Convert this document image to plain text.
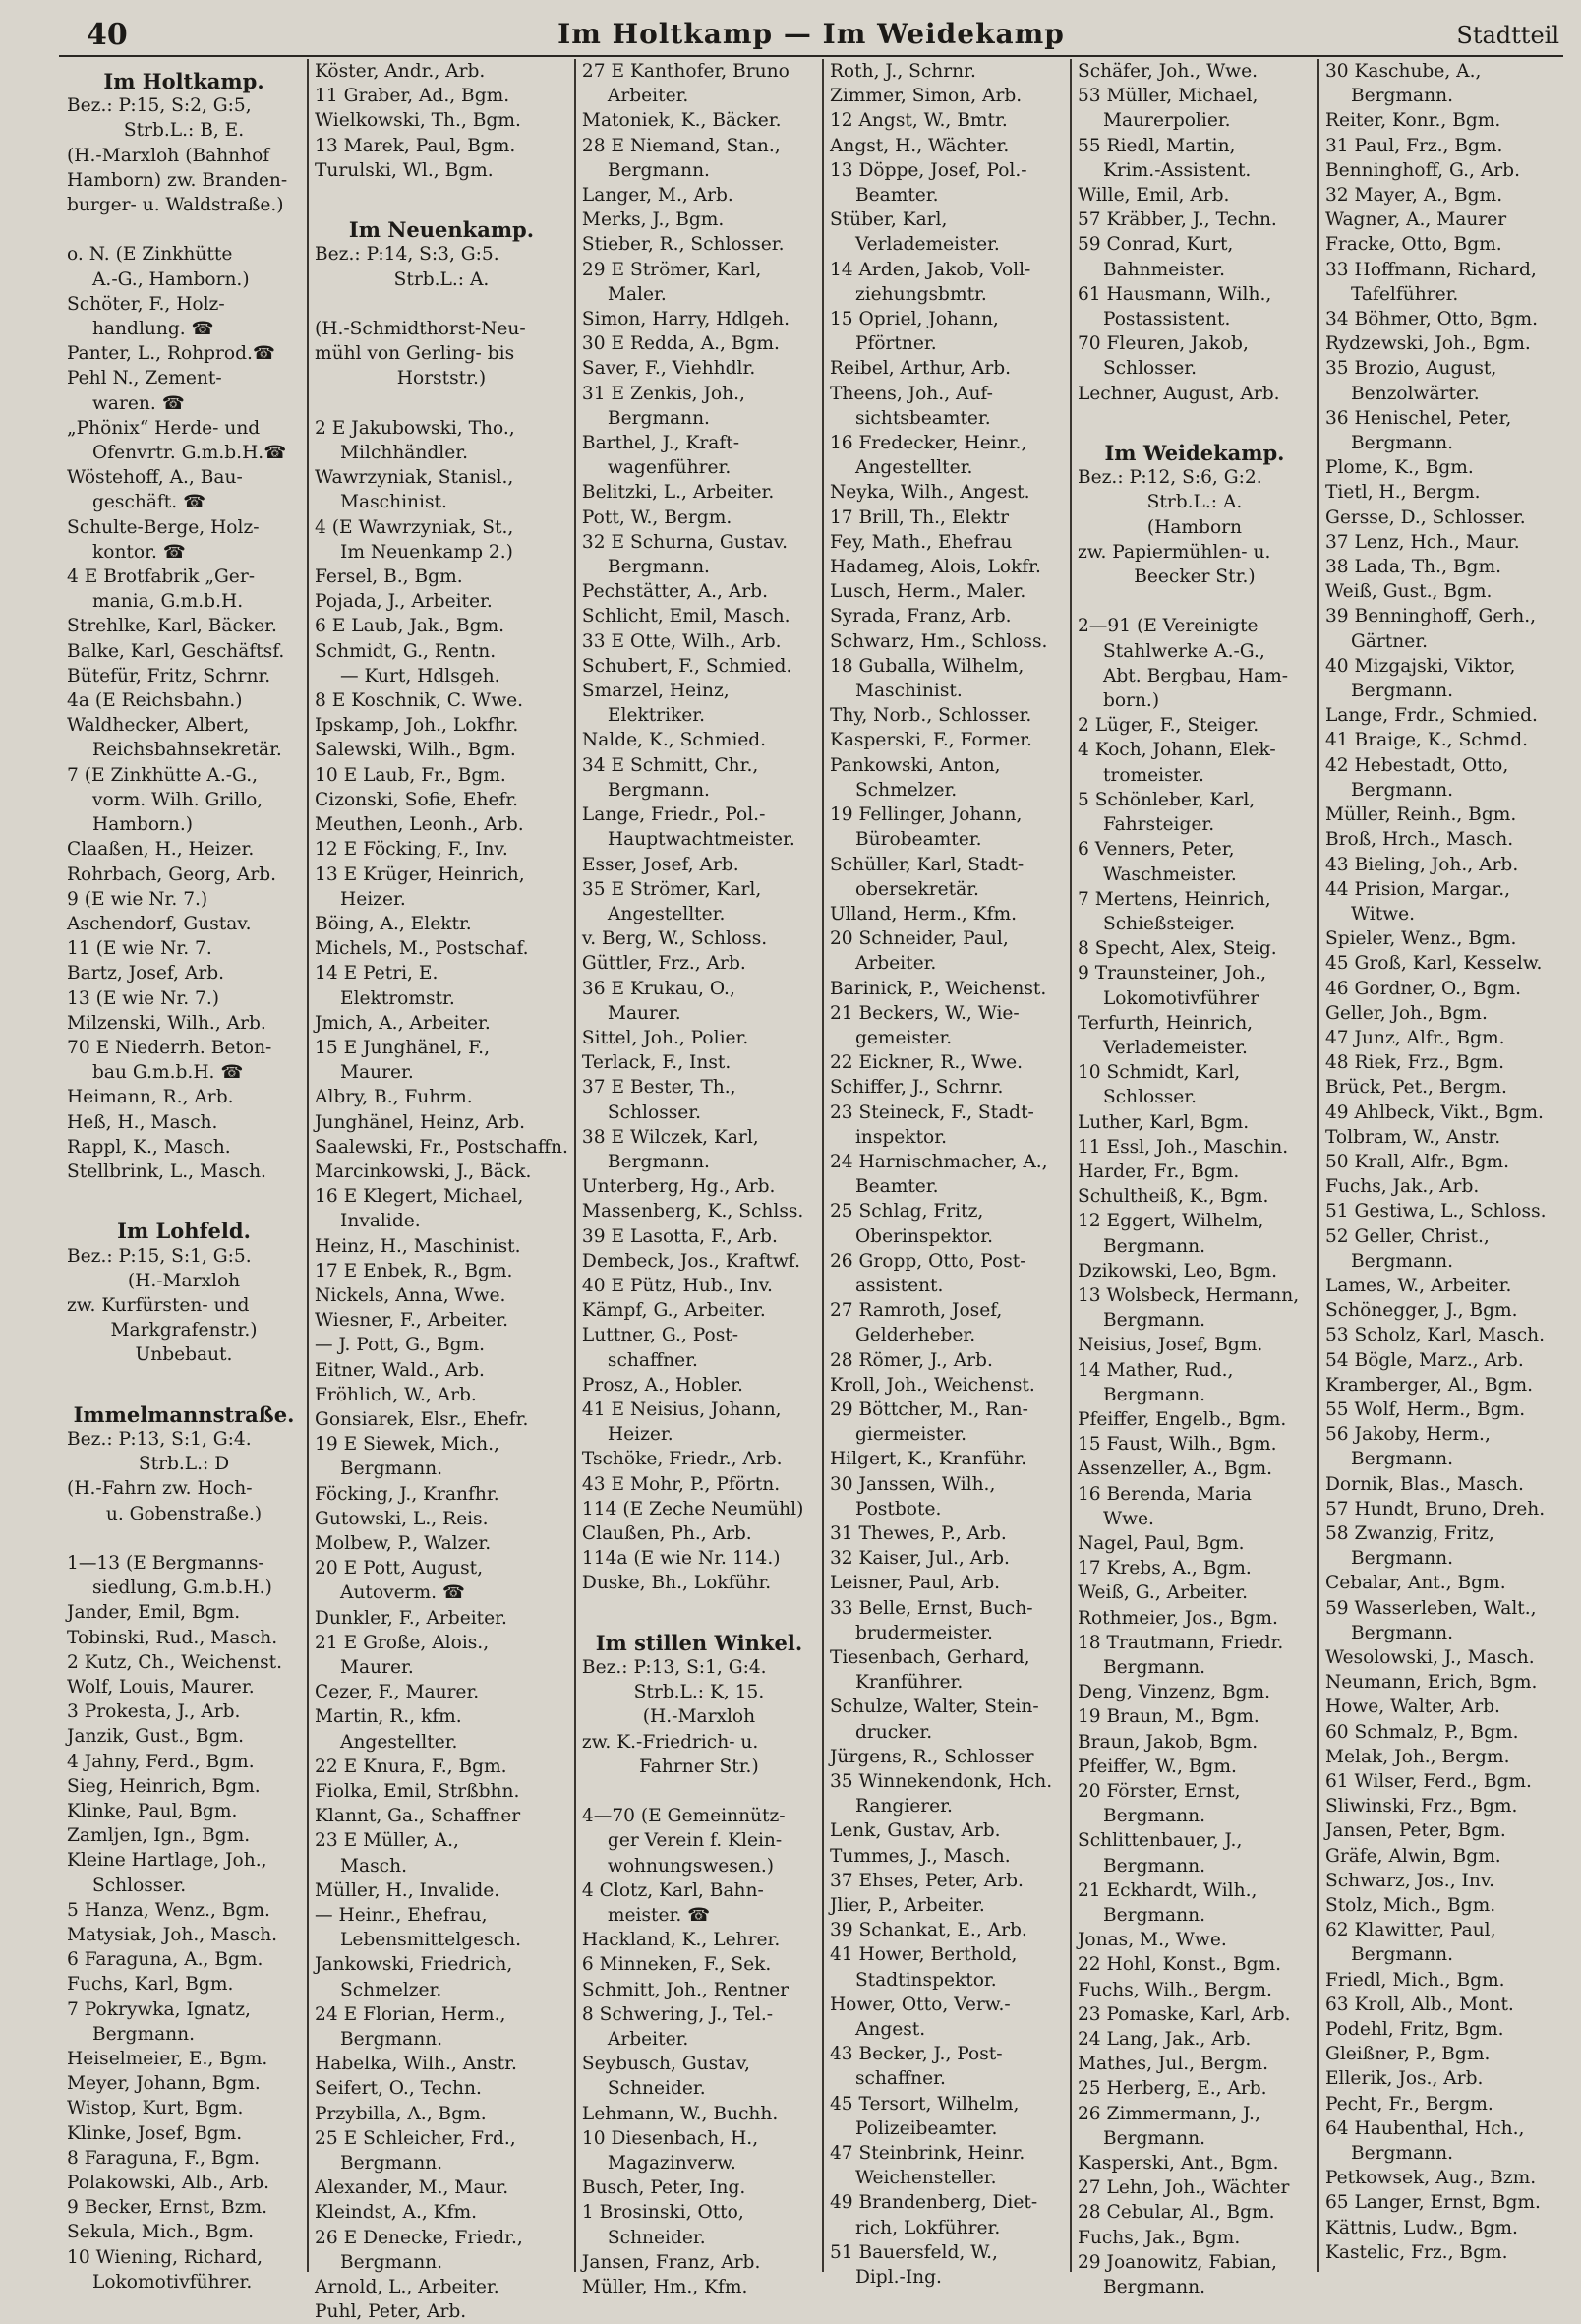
40	Im Holtkamp — Im Weidekamp	Stadtteil
Im Holtkamp.
Bez.: P:15, S:2, G:5,
Strb.L.: B, E.
(H.-Marxloh (Bahnhof
Hamborn) zw. Branden-
burger- u. Waldstraße.)

o. N. (E Zinkhütte
A.-G., Hamborn.)
Schöter, F., Holz-
handlung. ☎
Panter, L., Rohprod.☎
Pehl N., Zement-
waren. ☎
„Phönix“ Herde- und
Ofenvrtr. G.m.b.H.☎
Wöstehoff, A., Bau-
geschäft. ☎
Schulte-Berge, Holz-
kontor. ☎
4 E Brotfabrik „Ger-
mania, G.m.b.H.
Strehlke, Karl, Bäcker.
Balke, Karl, Geschäftsf.
Bütefür, Fritz, Schrnr.
4a (E Reichsbahn.)
Waldhecker, Albert,
Reichsbahnsekretär.
7 (E Zinkhütte A.-G.,
vorm. Wilh. Grillo,
Hamborn.)
Claaßen, H., Heizer.
Rohrbach, Georg, Arb.
9 (E wie Nr. 7.)
Aschendorf, Gustav.
11 (E wie Nr. 7.
Bartz, Josef, Arb.
13 (E wie Nr. 7.)
Milzenski, Wilh., Arb.
70 E Niederrh. Beton-
bau G.m.b.H. ☎
Heimann, R., Arb.
Heß, H., Masch.
Rappl, K., Masch.
Stellbrink, L., Masch.

Im Lohfeld.
Bez.: P:15, S:1, G:5.
(H.-Marxloh
zw. Kurfürsten- und
Markgrafenstr.)
Unbebaut.

Immelmannstraße.
Bez.: P:13, S:1, G:4.
Strb.L.: D
(H.-Fahrn zw. Hoch-
u. Gobenstraße.)

1—13 (E Bergmanns-
siedlung, G.m.b.H.)
Jander, Emil, Bgm.
Tobinski, Rud., Masch.
2 Kutz, Ch., Weichenst.
Wolf, Louis, Maurer.
3 Prokesta, J., Arb.
Janzik, Gust., Bgm.
4 Jahny, Ferd., Bgm.
Sieg, Heinrich, Bgm.
Klinke, Paul, Bgm.
Zamljen, Ign., Bgm.
Kleine Hartlage, Joh.,
Schlosser.
5 Hanza, Wenz., Bgm.
Matysiak, Joh., Masch.
6 Faraguna, A., Bgm.
Fuchs, Karl, Bgm.
7 Pokrywka, Ignatz,
Bergmann.
Heiselmeier, E., Bgm.
Meyer, Johann, Bgm.
Wistop, Kurt, Bgm.
Klinke, Josef, Bgm.
8 Faraguna, F., Bgm.
Polakowski, Alb., Arb.
9 Becker, Ernst, Bzm.
Sekula, Mich., Bgm.
10 Wiening, Richard,
Lokomotivführer.
Köster, Andr., Arb.
11 Graber, Ad., Bgm.
Wielkowski, Th., Bgm.
13 Marek, Paul, Bgm.
Turulski, Wl., Bgm.

Im Neuenkamp.
Bez.: P:14, S:3, G:5.
Strb.L.: A.

(H.-Schmidthorst-Neu-
mühl von Gerling- bis
Horststr.)

2 E Jakubowski, Tho.,
Milchhändler.
Wawrzyniak, Stanisl.,
Maschinist.
4 (E Wawrzyniak, St.,
Im Neuenkamp 2.)
Fersel, B., Bgm.
Pojada, J., Arbeiter.
6 E Laub, Jak., Bgm.
Schmidt, G., Rentn.
— Kurt, Hdlsgeh.
8 E Koschnik, C. Wwe.
Ipskamp, Joh., Lokfhr.
Salewski, Wilh., Bgm.
10 E Laub, Fr., Bgm.
Cizonski, Sofie, Ehefr.
Meuthen, Leonh., Arb.
12 E Föcking, F., Inv.
13 E Krüger, Heinrich,
Heizer.
Böing, A., Elektr.
Michels, M., Postschaf.
14 E Petri, E.
Elektromstr.
Jmich, A., Arbeiter.
15 E Junghänel, F.,
Maurer.
Albry, B., Fuhrm.
Junghänel, Heinz, Arb.
Saalewski, Fr., Postschaffn.
Marcinkowski, J., Bäck.
16 E Klegert, Michael,
Invalide.
Heinz, H., Maschinist.
17 E Enbek, R., Bgm.
Nickels, Anna, Wwe.
Wiesner, F., Arbeiter.
— J. Pott, G., Bgm.
Eitner, Wald., Arb.
Fröhlich, W., Arb.
Gonsiarek, Elsr., Ehefr.
19 E Siewek, Mich.,
Bergmann.
Föcking, J., Kranfhr.
Gutowski, L., Reis.
Molbew, P., Walzer.
20 E Pott, August,
Autoverm. ☎
Dunkler, F., Arbeiter.
21 E Große, Alois.,
Maurer.
Cezer, F., Maurer.
Martin, R., kfm.
Angestellter.
22 E Knura, F., Bgm.
Fiolka, Emil, Strßbhn.
Klannt, Ga., Schaffner
23 E Müller, A.,
Masch.
Müller, H., Invalide.
— Heinr., Ehefrau,
Lebensmittelgesch.
Jankowski, Friedrich,
Schmelzer.
24 E Florian, Herm.,
Bergmann.
Habelka, Wilh., Anstr.
Seifert, O., Techn.
Przybilla, A., Bgm.
25 E Schleicher, Frd.,
Bergmann.
Alexander, M., Maur.
Kleindst, A., Kfm.
26 E Denecke, Friedr.,
Bergmann.
Arnold, L., Arbeiter.
Puhl, Peter, Arb.
27 E Kanthofer, Bruno
Arbeiter.
Matoniek, K., Bäcker.
28 E Niemand, Stan.,
Bergmann.
Langer, M., Arb.
Merks, J., Bgm.
Stieber, R., Schlosser.
29 E Strömer, Karl,
Maler.
Simon, Harry, Hdlgeh.
30 E Redda, A., Bgm.
Saver, F., Viehhdlr.
31 E Zenkis, Joh.,
Bergmann.
Barthel, J., Kraft-
wagenführer.
Belitzki, L., Arbeiter.
Pott, W., Bergm.
32 E Schurna, Gustav.
Bergmann.
Pechstätter, A., Arb.
Schlicht, Emil, Masch.
33 E Otte, Wilh., Arb.
Schubert, F., Schmied.
Smarzel, Heinz,
Elektriker.
Nalde, K., Schmied.
34 E Schmitt, Chr.,
Bergmann.
Lange, Friedr., Pol.-
Hauptwachtmeister.
Esser, Josef, Arb.
35 E Strömer, Karl,
Angestellter.
v. Berg, W., Schloss.
Güttler, Frz., Arb.
36 E Krukau, O.,
Maurer.
Sittel, Joh., Polier.
Terlack, F., Inst.
37 E Bester, Th.,
Schlosser.
38 E Wilczek, Karl,
Bergmann.
Unterberg, Hg., Arb.
Massenberg, K., Schlss.
39 E Lasotta, F., Arb.
Dembeck, Jos., Kraftwf.
40 E Pütz, Hub., Inv.
Kämpf, G., Arbeiter.
Luttner, G., Post-
schaffner.
Prosz, A., Hobler.
41 E Neisius, Johann,
Heizer.
Tschöke, Friedr., Arb.
43 E Mohr, P., Pförtn.
114 (E Zeche Neumühl)
Claußen, Ph., Arb.
114a (E wie Nr. 114.)
Duske, Bh., Lokführ.

Im stillen Winkel.
Bez.: P:13, S:1, G:4.
Strb.L.: K, 15.
(H.-Marxloh
zw. K.-Friedrich- u.
Fahrner Str.)

4—70 (E Gemeinnütz-
ger Verein f. Klein-
wohnungswesen.)
4 Clotz, Karl, Bahn-
meister. ☎
Hackland, K., Lehrer.
6 Minneken, F., Sek.
Schmitt, Joh., Rentner
8 Schwering, J., Tel.-
Arbeiter.
Seybusch, Gustav,
Schneider.
Lehmann, W., Buchh.
10 Diesenbach, H.,
Magazinverw.
Busch, Peter, Ing.
1 Brosinski, Otto,
Schneider.
Jansen, Franz, Arb.
Müller, Hm., Kfm.
Roth, J., Schrnr.
Zimmer, Simon, Arb.
12 Angst, W., Bmtr.
Angst, H., Wächter.
13 Döppe, Josef, Pol.-
Beamter.
Stüber, Karl,
Verlademeister.
14 Arden, Jakob, Voll-
ziehungsbmtr.
15 Opriel, Johann,
Pförtner.
Reibel, Arthur, Arb.
Theens, Joh., Auf-
sichtsbeamter.
16 Fredecker, Heinr.,
Angestellter.
Neyka, Wilh., Angest.
17 Brill, Th., Elektr
Fey, Math., Ehefrau
Hadameg, Alois, Lokfr.
Lusch, Herm., Maler.
Syrada, Franz, Arb.
Schwarz, Hm., Schloss.
18 Guballa, Wilhelm,
Maschinist.
Thy, Norb., Schlosser.
Kasperski, F., Former.
Pankowski, Anton,
Schmelzer.
19 Fellinger, Johann,
Bürobeamter.
Schüller, Karl, Stadt-
obersekretär.
Ulland, Herm., Kfm.
20 Schneider, Paul,
Arbeiter.
Barinick, P., Weichenst.
21 Beckers, W., Wie-
gemeister.
22 Eickner, R., Wwe.
Schiffer, J., Schrnr.
23 Steineck, F., Stadt-
inspektor.
24 Harnischmacher, A.,
Beamter.
25 Schlag, Fritz,
Oberinspektor.
26 Gropp, Otto, Post-
assistent.
27 Ramroth, Josef,
Gelderheber.
28 Römer, J., Arb.
Kroll, Joh., Weichenst.
29 Böttcher, M., Ran-
giermeister.
Hilgert, K., Kranführ.
30 Janssen, Wilh.,
Postbote.
31 Thewes, P., Arb.
32 Kaiser, Jul., Arb.
Leisner, Paul, Arb.
33 Belle, Ernst, Buch-
brudermeister.
Tiesenbach, Gerhard,
Kranführer.
Schulze, Walter, Stein-
drucker.
Jürgens, R., Schlosser
35 Winnekendonk, Hch.
Rangierer.
Lenk, Gustav, Arb.
Tummes, J., Masch.
37 Ehses, Peter, Arb.
Jlier, P., Arbeiter.
39 Schankat, E., Arb.
41 Hower, Berthold,
Stadtinspektor.
Hower, Otto, Verw.-
Angest.
43 Becker, J., Post-
schaffner.
45 Tersort, Wilhelm,
Polizeibeamter.
47 Steinbrink, Heinr.
Weichensteller.
49 Brandenberg, Diet-
rich, Lokführer.
51 Bauersfeld, W.,
Dipl.-Ing.
Schäfer, Joh., Wwe.
53 Müller, Michael,
Maurerpolier.
55 Riedl, Martin,
Krim.-Assistent.
Wille, Emil, Arb.
57 Kräbber, J., Techn.
59 Conrad, Kurt,
Bahnmeister.
61 Hausmann, Wilh.,
Postassistent.
70 Fleuren, Jakob,
Schlosser.
Lechner, August, Arb.

Im Weidekamp.
Bez.: P:12, S:6, G:2.
Strb.L.: A.
(Hamborn
zw. Papiermühlen- u.
Beecker Str.)

2—91 (E Vereinigte
Stahlwerke A.-G.,
Abt. Bergbau, Ham-
born.)
2 Lüger, F., Steiger.
4 Koch, Johann, Elek-
tromeister.
5 Schönleber, Karl,
Fahrsteiger.
6 Venners, Peter,
Waschmeister.
7 Mertens, Heinrich,
Schießsteiger.
8 Specht, Alex, Steig.
9 Traunsteiner, Joh.,
Lokomotivführer
Terfurth, Heinrich,
Verlademeister.
10 Schmidt, Karl,
Schlosser.
Luther, Karl, Bgm.
11 Essl, Joh., Maschin.
Harder, Fr., Bgm.
Schultheiß, K., Bgm.
12 Eggert, Wilhelm,
Bergmann.
Dzikowski, Leo, Bgm.
13 Wolsbeck, Hermann,
Bergmann.
Neisius, Josef, Bgm.
14 Mather, Rud.,
Bergmann.
Pfeiffer, Engelb., Bgm.
15 Faust, Wilh., Bgm.
Assenzeller, A., Bgm.
16 Berenda, Maria
Wwe.
Nagel, Paul, Bgm.
17 Krebs, A., Bgm.
Weiß, G., Arbeiter.
Rothmeier, Jos., Bgm.
18 Trautmann, Friedr.
Bergmann.
Deng, Vinzenz, Bgm.
19 Braun, M., Bgm.
Braun, Jakob, Bgm.
Pfeiffer, W., Bgm.
20 Förster, Ernst,
Bergmann.
Schlittenbauer, J.,
Bergmann.
21 Eckhardt, Wilh.,
Bergmann.
Jonas, M., Wwe.
22 Hohl, Konst., Bgm.
Fuchs, Wilh., Bergm.
23 Pomaske, Karl, Arb.
24 Lang, Jak., Arb.
Mathes, Jul., Bergm.
25 Herberg, E., Arb.
26 Zimmermann, J.,
Bergmann.
Kasperski, Ant., Bgm.
27 Lehn, Joh., Wächter
28 Cebular, Al., Bgm.
Fuchs, Jak., Bgm.
29 Joanowitz, Fabian,
Bergmann.
30 Kaschube, A.,
Bergmann.
Reiter, Konr., Bgm.
31 Paul, Frz., Bgm.
Benninghoff, G., Arb.
32 Mayer, A., Bgm.
Wagner, A., Maurer
Fracke, Otto, Bgm.
33 Hoffmann, Richard,
Tafelführer.
34 Böhmer, Otto, Bgm.
Rydzewski, Joh., Bgm.
35 Brozio, August,
Benzolwärter.
36 Henischel, Peter,
Bergmann.
Plome, K., Bgm.
Tietl, H., Bergm.
Gersse, D., Schlosser.
37 Lenz, Hch., Maur.
38 Lada, Th., Bgm.
Weiß, Gust., Bgm.
39 Benninghoff, Gerh.,
Gärtner.
40 Mizgajski, Viktor,
Bergmann.
Lange, Frdr., Schmied.
41 Braige, K., Schmd.
42 Hebestadt, Otto,
Bergmann.
Müller, Reinh., Bgm.
Broß, Hrch., Masch.
43 Bieling, Joh., Arb.
44 Prision, Margar.,
Witwe.
Spieler, Wenz., Bgm.
45 Groß, Karl, Kesselw.
46 Gordner, O., Bgm.
Geller, Joh., Bgm.
47 Junz, Alfr., Bgm.
48 Riek, Frz., Bgm.
Brück, Pet., Bergm.
49 Ahlbeck, Vikt., Bgm.
Tolbram, W., Anstr.
50 Krall, Alfr., Bgm.
Fuchs, Jak., Arb.
51 Gestiwa, L., Schloss.
52 Geller, Christ.,
Bergmann.
Lames, W., Arbeiter.
Schönegger, J., Bgm.
53 Scholz, Karl, Masch.
54 Bögle, Marz., Arb.
Kramberger, Al., Bgm.
55 Wolf, Herm., Bgm.
56 Jakoby, Herm.,
Bergmann.
Dornik, Blas., Masch.
57 Hundt, Bruno, Dreh.
58 Zwanzig, Fritz,
Bergmann.
Cebalar, Ant., Bgm.
59 Wasserleben, Walt.,
Bergmann.
Wesolowski, J., Masch.
Neumann, Erich, Bgm.
Howe, Walter, Arb.
60 Schmalz, P., Bgm.
Melak, Joh., Bergm.
61 Wilser, Ferd., Bgm.
Sliwinski, Frz., Bgm.
Jansen, Peter, Bgm.
Gräfe, Alwin, Bgm.
Schwarz, Jos., Inv.
Stolz, Mich., Bgm.
62 Klawitter, Paul,
Bergmann.
Friedl, Mich., Bgm.
63 Kroll, Alb., Mont.
Podehl, Fritz, Bgm.
Gleißner, P., Bgm.
Ellerik, Jos., Arb.
Pecht, Fr., Bergm.
64 Haubenthal, Hch.,
Bergmann.
Petkowsek, Aug., Bzm.
65 Langer, Ernst, Bgm.
Kättnis, Ludw., Bgm.
Kastelic, Frz., Bgm.
